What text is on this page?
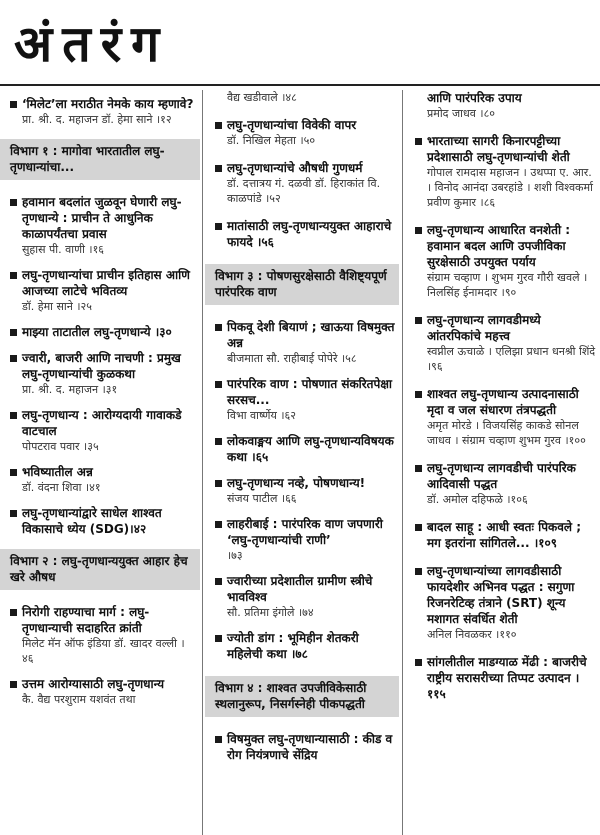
अंतरंग
‘मिलेट’ला मराठीत नेमके काय म्हणावे?
प्रा. श्री. द. महाजन डॉ. हेमा साने ।१२
विभाग १ : मागोवा भारतातील लघु-तृणधान्यांचा...
हवामान बदलांत जुळवून घेणारी लघु-तृणधान्ये : प्राचीन ते आधुनिक काळापर्यंतचा प्रवास
सुहास पी. वाणी ।१६
लघु-तृणधान्यांचा प्राचीन इतिहास आणि आजच्या लाटेचे भवितव्य
डॉ. हेमा साने ।२५
माझ्या ताटातील लघु-तृणधान्ये ।३०
ज्वारी, बाजरी आणि नाचणी : प्रमुख लघु-तृणधान्यांची कुळकथा
प्रा. श्री. द. महाजन ।३१
लघु-तृणधान्य : आरोग्यदायी गावाकडे वाटचाल
पोपटराव पवार ।३५
भविष्यातील अन्न
डॉ. वंदना शिवा ।४१
लघु-तृणधान्यांद्वारे साधेल शाश्वत विकासाचे ध्येय (SDG)।४२
विभाग २ : लघु-तृणधान्ययुक्त आहार हेच खरे औषध
निरोगी राहण्याचा मार्ग : लघु-तृणधान्याची सदाहरित क्रांती
मिलेट मॅन ऑफ इंडिया डॉ. खादर वल्ली ।४६
उत्तम आरोग्यासाठी लघु-तृणधान्य
कै. वैद्य परशुराम यशवंत तथा
वैद्य खडीवाले ।४८
लघु-तृणधान्यांचा विवेकी वापर
डॉ. निखिल मेहता ।५०
लघु-तृणधान्यांचे औषधी गुणधर्म
डॉ. दत्तात्रय गं. दळवी डॉ. हिराकांत वि. काळपांडे ।५२
मातांसाठी लघु-तृणधान्ययुक्त आहाराचे फायदे ।५६
विभाग ३ : पोषणसुरक्षेसाठी वैशिष्ट्यपूर्ण पारंपरिक वाण
पिकवू देशी बियाणं ; खाऊया विषमुक्त अन्न
बीजमाता सौ. राहीबाई पोपेरे ।५८
पारंपरिक वाण : पोषणात संकरितपेक्षा सरसच...
विभा वार्ष्णेय ।६२
लोकवाङ्मय आणि लघु-तृणधान्यविषयक कथा ।६५
लघु-तृणधान्य नव्हे, पोषणधान्य!
संजय पाटील ।६६
लाहरीबाई : पारंपरिक वाण जपणारी ‘लघु-तृणधान्यांची राणी’
।७३
ज्वारीच्या प्रदेशातील ग्रामीण स्त्रीचे भावविश्व
सौ. प्रतिमा इंगोले ।७४
ज्योती डांग : भूमिहीन शेतकरी महिलेची कथा ।७८
विभाग ४ : शाश्वत उपजीविकेसाठी स्थलानुरूप, निसर्गस्नेही पीकपद्धती
विषमुक्त लघु-तृणधान्यासाठी : कीड व रोग नियंत्रणाचे सेंद्रिय
आणि पारंपरिक उपाय
प्रमोद जाधव ।८०
भारताच्या सागरी किनारपट्टीच्या प्रदेशासाठी लघु-तृणधान्यांची शेती
गोपाल रामदास महाजन । उथप्पा ए. आर. । विनोद आनंदा उबरहांडे । शशी विश्वकर्मा प्रवीण कुमार ।८६
लघु-तृणधान्य आधारित वनशेती : हवामान बदल आणि उपजीविका सुरक्षेसाठी उपयुक्त पर्याय
संग्राम चव्हाण । शुभम गुरव गौरी खवले । निलसिंह ईनामदार ।९०
लघु-तृणधान्य लागवडीमध्ये आंतरपिकांचे महत्त्व
स्वप्नील ऊचाळे । एलिझा प्रधान धनश्री शिंदे ।९६
शाश्वत लघु-तृणधान्य उत्पादनासाठी मृदा व जल संधारण तंत्रपद्धती
अमृत मोरडे । विजयसिंह काकडे सोनल जाधव । संग्राम चव्हाण शुभम गुरव ।१००
लघु-तृणधान्य लागवडीची पारंपरिक आदिवासी पद्धत
डॉ. अमोल दहिफळे ।१०६
बादल साहू : आधी स्वतः पिकवले ; मग इतरांना सांगितले... ।१०९
लघु-तृणधान्यांच्या लागवडीसाठी फायदेशीर अभिनव पद्धत : सगुणा रिजनरेटिव्ह तंत्राने (SRT) शून्य मशागत संवर्धित शेती
अनिल निवळकर ।११०
सांगलीतील माडग्याळ मेंढी : बाजरीचे राष्ट्रीय सरासरीच्या तिप्पट उत्पादन ।११५
